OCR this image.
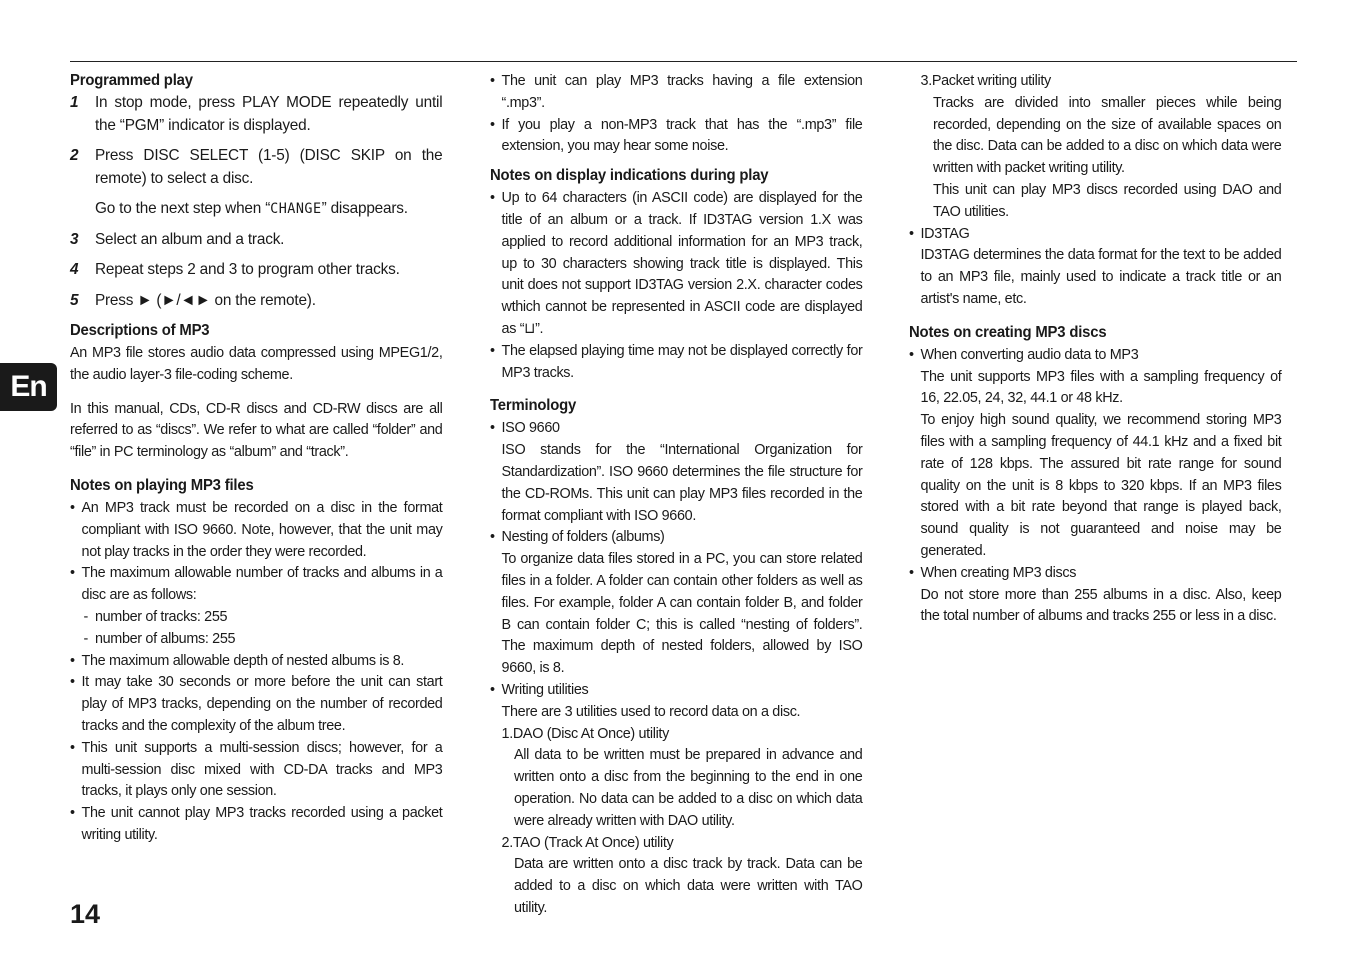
En
14
Programmed play
1	In stop mode, press PLAY MODE repeatedly until the “PGM” indicator is displayed.
2	Press DISC SELECT (1-5) (DISC SKIP on the remote) to select a disc.
Go to the next step when “CHANGE” disappears.
3	Select an album and a track.
4	Repeat steps 2 and 3 to program other tracks.
5	Press ► (►/◄► on the remote).
Descriptions of MP3

An MP3 file stores audio data compressed using MPEG1/2, the audio layer-3 file-coding scheme.

In this manual, CDs, CD-R discs and CD-RW discs are all referred to as “discs”. We refer to what are called “folder” and “file” in PC terminology as “album” and “track”.

Notes on playing MP3 files
• An MP3 track must be recorded on a disc in the format compliant with ISO 9660. Note, however, that the unit may not play tracks in the order they were recorded.
• The maximum allowable number of tracks and albums in a disc are as follows:
- number of tracks: 255
- number of albums: 255
• The maximum allowable depth of nested albums is 8.
• It may take 30 seconds or more before the unit can start play of MP3 tracks, depending on the number of recorded tracks and the complexity of the album tree.
• This unit supports a multi-session discs; however, for a multi-session disc mixed with CD-DA tracks and MP3 tracks, it plays only one session.
• The unit cannot play MP3 tracks recorded using a packet writing utility.
• The unit can play MP3 tracks having a file extension “.mp3”.
• If you play a non-MP3 track that has the “.mp3” file extension, you may hear some noise.
Notes on display indications during play
• Up to 64 characters (in ASCII code) are displayed for the title of an album or a track. If ID3TAG version 1.X was applied to record additional information for an MP3 track, up to 30 characters showing track title is displayed. This unit does not support ID3TAG version 2.X. character codes wthich cannot be represented in ASCII code are displayed as “⊔”.
• The elapsed playing time may not be displayed correctly for MP3 tracks.
Terminology
• ISO 9660

ISO stands for the “International Organization for Standardization”. ISO 9660 determines the file structure for the CD-ROMs. This unit can play MP3 files recorded in the format compliant with ISO 9660.

• Nesting of folders (albums)

To organize data files stored in a PC, you can store related files in a folder. A folder can contain other folders as well as files. For example, folder A can contain folder B, and folder B can contain folder C; this is called “nesting of folders”. The maximum depth of nested folders, allowed by ISO 9660, is 8.

• Writing utilities

There are 3 utilities used to record data on a disc.

1.DAO (Disc At Once) utility

All data to be written must be prepared in advance and written onto a disc from the beginning to the end in one operation. No data can be added to a disc on which data were already written with DAO utility.

2.TAO (Track At Once) utility

Data are written onto a disc track by track. Data can be added to a disc on which data were written with TAO utility.

3.Packet writing utility

Tracks are divided into smaller pieces while being recorded, depending on the size of available spaces on the disc. Data can be added to a disc on which data were written with packet writing utility.

This unit can play MP3 discs recorded using DAO and TAO utilities.

• ID3TAG

ID3TAG determines the data format for the text to be added to an MP3 file, mainly used to indicate a track title or an artist's name, etc.

Notes on creating MP3 discs
• When converting audio data to MP3

The unit supports MP3 files with a sampling frequency of 16, 22.05, 24, 32, 44.1 or 48 kHz.

To enjoy high sound quality, we recommend storing MP3 files with a sampling frequency of 44.1 kHz and a fixed bit rate of 128 kbps. The assured bit rate range for sound quality on the unit is 8 kbps to 320 kbps. If an MP3 files stored with a bit rate beyond that range is played back, sound quality is not guaranteed and noise may be generated.

• When creating MP3 discs

Do not store more than 255 albums in a disc. Also, keep the total number of albums and tracks 255 or less in a disc.
